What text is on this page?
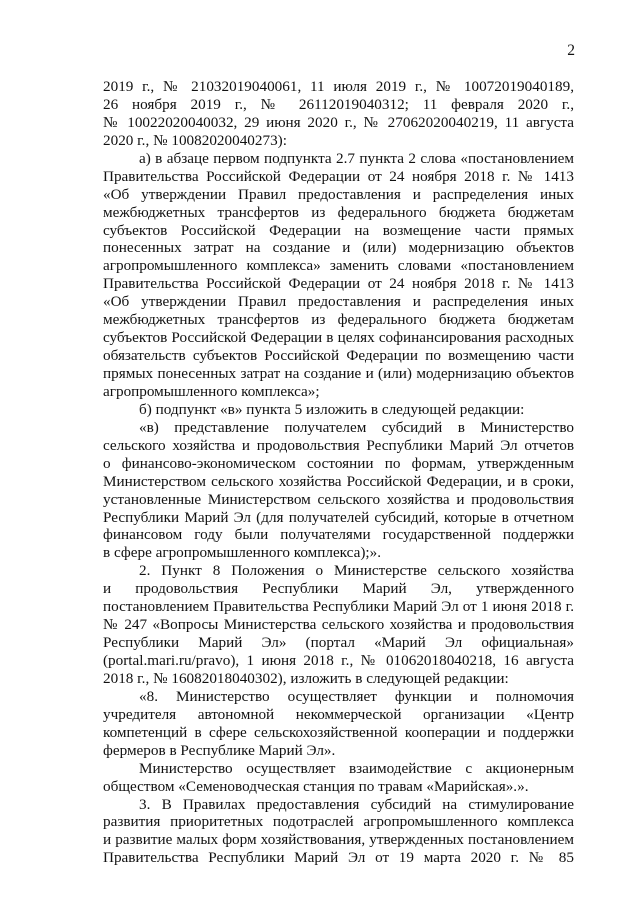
2
2019 г., № 21032019040061, 11 июля 2019 г., № 10072019040189,
26 ноября 2019 г., № 26112019040312; 11 февраля 2020 г.,
№ 10022020040032, 29 июня 2020 г., № 27062020040219, 11 августа
2020 г., № 10082020040273):
а) в абзаце первом подпункта 2.7 пункта 2 слова «постановлением
Правительства Российской Федерации от 24 ноября 2018 г. № 1413
«Об утверждении Правил предоставления и распределения иных
межбюджетных трансфертов из федерального бюджета бюджетам
субъектов Российской Федерации на возмещение части прямых
понесенных затрат на создание и (или) модернизацию объектов
агропромышленного комплекса» заменить словами «постановлением
Правительства Российской Федерации от 24 ноября 2018 г. № 1413
«Об утверждении Правил предоставления и распределения иных
межбюджетных трансфертов из федерального бюджета бюджетам
субъектов Российской Федерации в целях софинансирования расходных
обязательств субъектов Российской Федерации по возмещению части
прямых понесенных затрат на создание и (или) модернизацию объектов
агропромышленного комплекса»;
б) подпункт «в» пункта 5 изложить в следующей редакции:
«в) представление получателем субсидий в Министерство
сельского хозяйства и продовольствия Республики Марий Эл отчетов
о финансово-экономическом состоянии по формам, утвержденным
Министерством сельского хозяйства Российской Федерации, и в сроки,
установленные Министерством сельского хозяйства и продовольствия
Республики Марий Эл (для получателей субсидий, которые в отчетном
финансовом году были получателями государственной поддержки
в сфере агропромышленного комплекса);».
2. Пункт 8 Положения о Министерстве сельского хозяйства
и продовольствия Республики Марий Эл, утвержденного
постановлением Правительства Республики Марий Эл от 1 июня 2018 г.
№ 247 «Вопросы Министерства сельского хозяйства и продовольствия
Республики Марий Эл» (портал «Марий Эл официальная»
(portal.mari.ru/pravo), 1 июня 2018 г., № 01062018040218, 16 августа
2018 г., № 16082018040302), изложить в следующей редакции:
«8. Министерство осуществляет функции и полномочия
учредителя автономной некоммерческой организации «Центр
компетенций в сфере сельскохозяйственной кооперации и поддержки
фермеров в Республике Марий Эл».
Министерство осуществляет взаимодействие с акционерным
обществом «Семеноводческая станция по травам «Марийская».».
3. В Правилах предоставления субсидий на стимулирование
развития приоритетных подотраслей агропромышленного комплекса
и развитие малых форм хозяйствования, утвержденных постановлением
Правительства Республики Марий Эл от 19 марта 2020 г. № 85
